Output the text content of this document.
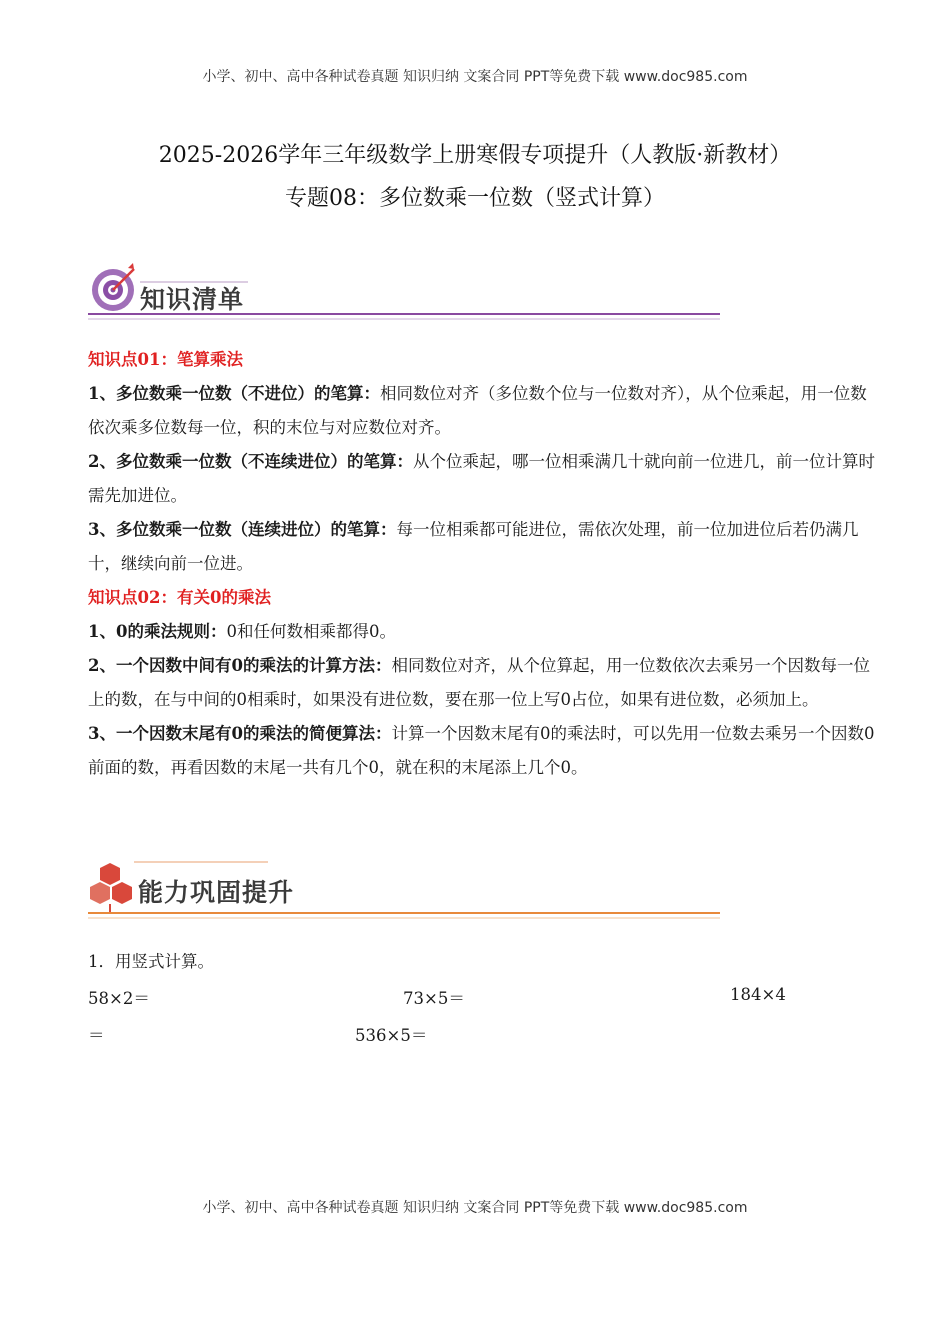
小学、初中、高中各种试卷真题 知识归纳 文案合同 PPT等免费下载 www.doc985.com
2025-2026学年三年级数学上册寒假专项提升（人教版·新教材）
专题08：多位数乘一位数（竖式计算）
知识清单

知识点01：笔算乘法

1、多位数乘一位数（不进位）的笔算：相同数位对齐（多位数个位与一位数对齐），从个位乘起，用一位数依次乘多位数每一位，积的末位与对应数位对齐。

2、多位数乘一位数（不连续进位）的笔算：从个位乘起，哪一位相乘满几十就向前一位进几，前一位计算时需先加进位。

3、多位数乘一位数（连续进位）的笔算：每一位相乘都可能进位，需依次处理，前一位加进位后若仍满几十，继续向前一位进。

知识点02：有关0的乘法

1、0的乘法规则：0和任何数相乘都得0。

2、一个因数中间有0的乘法的计算方法：相同数位对齐，从个位算起，用一位数依次去乘另一个因数每一位上的数，在与中间的0相乘时，如果没有进位数，要在那一位上写0占位，如果有进位数，必须加上。

3、一个因数末尾有0的乘法的简便算法：计算一个因数末尾有0的乘法时，可以先用一位数去乘另一个因数0前面的数，再看因数的末尾一共有几个0，就在积的末尾添上几个0。

能力巩固提升
1．用竖式计算。
58×2＝	73×5＝	184×4
＝	536×5＝
小学、初中、高中各种试卷真题 知识归纳 文案合同 PPT等免费下载 www.doc985.com
